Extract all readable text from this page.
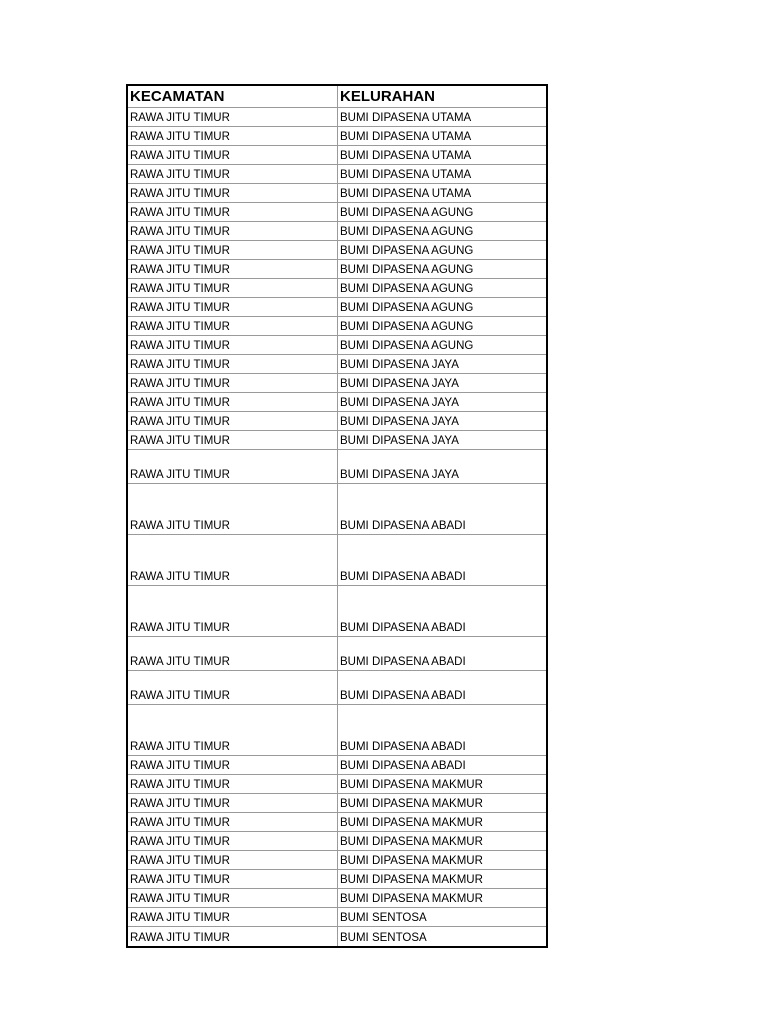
KECAMATAN	KELURAHAN
RAWA JITU TIMUR	BUMI DIPASENA UTAMA
RAWA JITU TIMUR	BUMI DIPASENA UTAMA
RAWA JITU TIMUR	BUMI DIPASENA UTAMA
RAWA JITU TIMUR	BUMI DIPASENA UTAMA
RAWA JITU TIMUR	BUMI DIPASENA UTAMA
RAWA JITU TIMUR	BUMI DIPASENA AGUNG
RAWA JITU TIMUR	BUMI DIPASENA AGUNG
RAWA JITU TIMUR	BUMI DIPASENA AGUNG
RAWA JITU TIMUR	BUMI DIPASENA AGUNG
RAWA JITU TIMUR	BUMI DIPASENA AGUNG
RAWA JITU TIMUR	BUMI DIPASENA AGUNG
RAWA JITU TIMUR	BUMI DIPASENA AGUNG
RAWA JITU TIMUR	BUMI DIPASENA AGUNG
RAWA JITU TIMUR	BUMI DIPASENA JAYA
RAWA JITU TIMUR	BUMI DIPASENA JAYA
RAWA JITU TIMUR	BUMI DIPASENA JAYA
RAWA JITU TIMUR	BUMI DIPASENA JAYA
RAWA JITU TIMUR	BUMI DIPASENA JAYA
RAWA JITU TIMUR	BUMI DIPASENA JAYA
RAWA JITU TIMUR	BUMI DIPASENA ABADI
RAWA JITU TIMUR	BUMI DIPASENA ABADI
RAWA JITU TIMUR	BUMI DIPASENA ABADI
RAWA JITU TIMUR	BUMI DIPASENA ABADI
RAWA JITU TIMUR	BUMI DIPASENA ABADI
RAWA JITU TIMUR	BUMI DIPASENA ABADI
RAWA JITU TIMUR	BUMI DIPASENA ABADI
RAWA JITU TIMUR	BUMI DIPASENA MAKMUR
RAWA JITU TIMUR	BUMI DIPASENA MAKMUR
RAWA JITU TIMUR	BUMI DIPASENA MAKMUR
RAWA JITU TIMUR	BUMI DIPASENA MAKMUR
RAWA JITU TIMUR	BUMI DIPASENA MAKMUR
RAWA JITU TIMUR	BUMI DIPASENA MAKMUR
RAWA JITU TIMUR	BUMI DIPASENA MAKMUR
RAWA JITU TIMUR	BUMI SENTOSA
RAWA JITU TIMUR	BUMI SENTOSA
